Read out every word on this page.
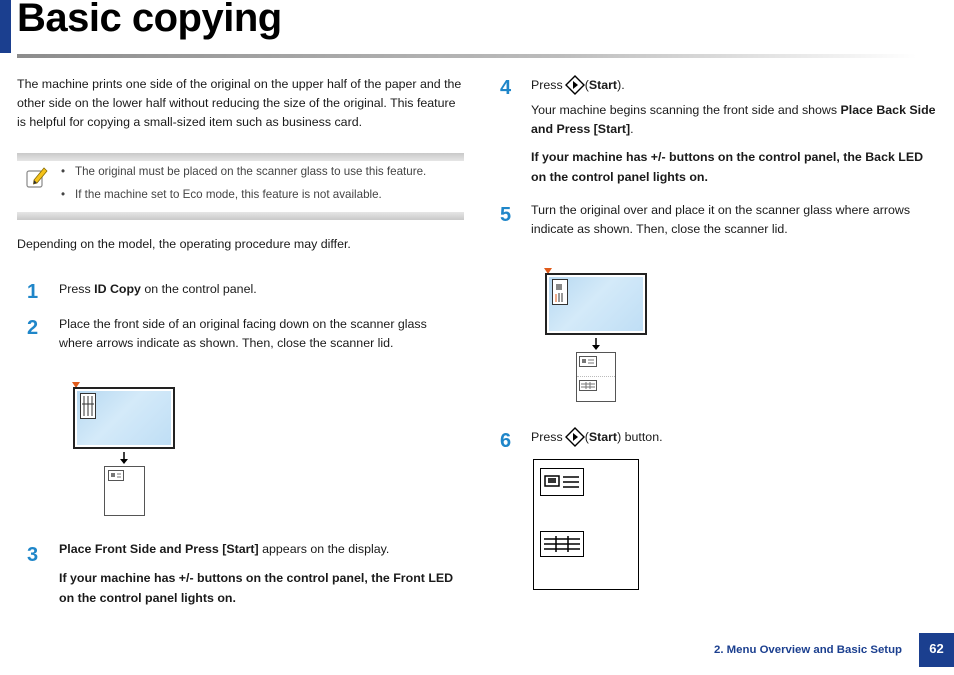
Basic copying
The machine prints one side of the original on the upper half of the paper and the other side on the lower half without reducing the size of the original. This feature is helpful for copying a small-sized item such as business card.
• The original must be placed on the scanner glass to use this feature.
• If the machine set to Eco mode, this feature is not available.
Depending on the model, the operating procedure may differ.
1 Press ID Copy on the control panel.
2 Place the front side of an original facing down on the scanner glass where arrows indicate as shown. Then, close the scanner lid.
3 Place Front Side and Press [Start] appears on the display.
If your machine has +/- buttons on the control panel, the Front LED on the control panel lights on.
4 Press ( Start ).
Your machine begins scanning the front side and shows Place Back Side and Press [Start].
If your machine has +/- buttons on the control panel, the Back LED on the control panel lights on.
5 Turn the original over and place it on the scanner glass where arrows indicate as shown. Then, close the scanner lid.
6 Press ( Start ) button.
2. Menu Overview and Basic Setup	62
